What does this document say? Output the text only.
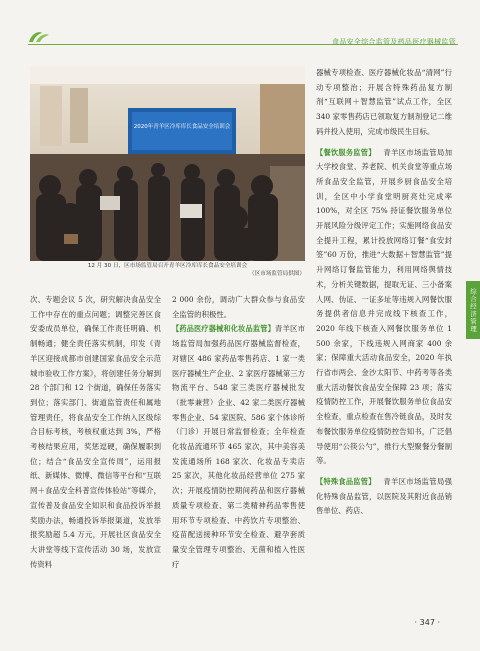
食品安全综合监管及药品医疗器械监管
2020年青羊区冷库库长食品安全培训会
12 月 30 日，区市场监管局召开青羊区冷库库长食品安全培训会
（区市场监管局供图）

次、专题会议 5 次，研究解决食品安全工作中存在的重点问题；调整完善区食安委成员单位，确保工作责任明确、机制畅通；健全责任落实机制，印发《青羊区迎接成都市创建国家食品安全示范城市验收工作方案》，将创建任务分解到 28 个部门和 12 个街道，确保任务落实到位；落实部门、街道监管责任和属地管理责任，将食品安全工作纳入区级综合目标考核，考核权重达到 3%，严格考核结果应用，奖惩逗硬，确保履职到位；结合“食品安全宣传周”，运用报纸、新媒体、微博、微信等平台和“互联网＋食品安全科普宣传体验站”等媒介，宣传普及食品安全知识和食品投诉举报奖励办法，畅通投诉举报渠道，发放举报奖励超 5.4 万元，开展社区食品安全大讲堂等线下宣传活动 30 场，发放宣传资料

2 000 余份，调动广大群众参与食品安全监管的积极性。

【药品医疗器械和化妆品监管】青羊区市场监管局加强药品医疗器械监督检查，对辖区 486 家药品零售药店、1 家一类医疗器械生产企业、2 家医疗器械第三方物流平台、548 家三类医疗器械批发（批零兼营）企业、42 家二类医疗器械零售企业、54 家医院、586 家个体诊所（门诊）开展日常监督检查；全年检查化妆品流通环节 465 家次，其中美容美发流通场所 168 家次、化妆品专卖店 25 家次，其他化妆品经营单位 275 家次；开展疫情防控期间药品和医疗器械质量专项检查、第二类精神药品零售使用环节专项检查、中药饮片专项整治、疫苗配送接种环节安全检查、避孕套质量安全管理专项整治、无菌和植入性医疗

器械专项检查、医疗器械化妆品“清网”行动专项整治；开展含特殊药品复方制剂“互联网＋智慧监管”试点工作，全区 340 家零售药店已领取复方制剂登记二维码并投入使用，完成市级民生目标。

【餐饮服务监管】  青羊区市场监管局加大学校食堂、养老院、机关食堂等重点场所食品安全监管，开展乡厨食品安全培训，全区中小学食堂明厨亮灶完成率 100%，对全区 75% 持证餐饮服务单位开展风险分级评定工作；实施网络食品安全提升工程，累计投放网络订餐“食安封签”60 万份，推进“大数据＋智慧监管”提升网络订餐监管能力，利用网络舆情技术，分析关键数据，提取无证、三小备案人网、伪证、一证多址等违规入网餐饮服务提供者信息并完成线下核查工作，2020 年线下核查入网餐饮服务单位 1 500 余家，下线违规入网商家 400 余家；保障重大活动食品安全，2020 年执行省市两会、金沙太阳节、中药考等各类重大活动餐饮食品安全保障 23 项；落实疫情防控工作，开展餐饮服务单位食品安全检查，重点检查在售冷链食品，及时发布餐饮服务单位疫情防控告知书，广泛倡导使用“公筷公勺”，推行大型聚餐分餐制等。

【特殊食品监管】  青羊区市场监管局强化特殊食品监管，以医院及其附近食品销售单位、药店、

综合经济管理
· 347 ·
